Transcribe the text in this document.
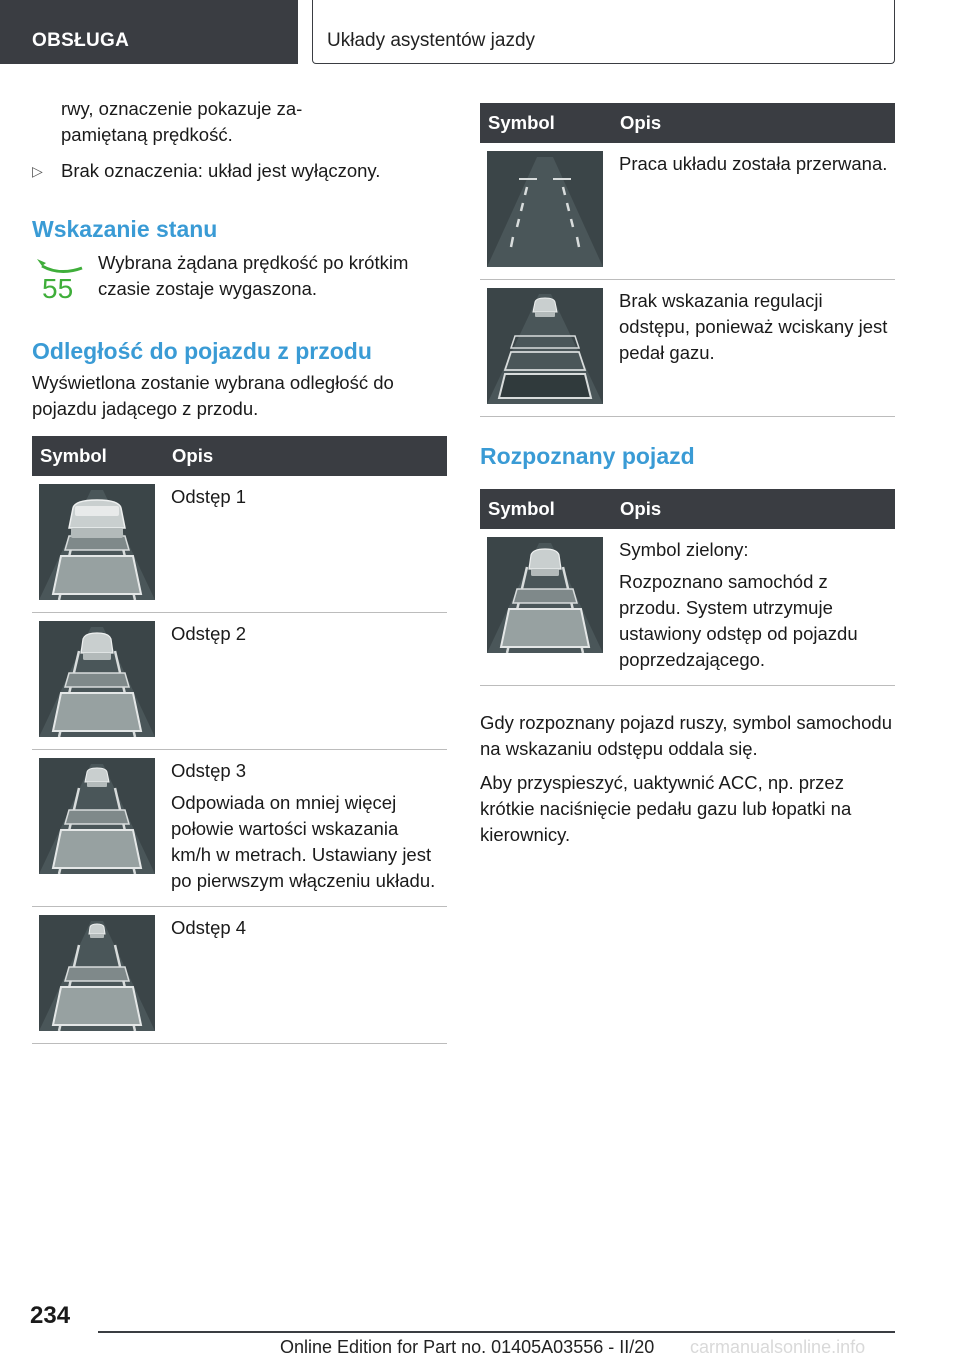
OBSŁUGA	Układy asystentów jazdy

rwy, oznaczenie pokazuje za-

pamiętaną prędkość.

▷ Brak oznaczenia: układ jest wyłączony.
Wskazanie stanu
55

Wybrana żądana prędkość po krótkim czasie zostaje wygaszona.

Odległość do pojazdu z przodu

Wyświetlona zostanie wybrana odległość do pojazdu jadącego z przodu.

Symbol	Opis

Odstęp 1

Odstęp 2

Odstęp 3

Odpowiada on mniej więcej połowie wartości wskazania km/h w metrach. Ustawiany jest po pierwszym włączeniu układu.

Odstęp 4

Symbol	Opis

Praca układu została przerwana.

Brak wskazania regulacji odstępu, ponieważ wciskany jest pedał gazu.

Rozpoznany pojazd
Symbol	Opis

Symbol zielony:

Rozpoznano samochód z przodu. System utrzymuje ustawiony odstęp od pojazdu poprzedzającego.

Gdy rozpoznany pojazd ruszy, symbol samochodu na wskazaniu odstępu oddala się.

Aby przyspieszyć, uaktywnić ACC, np. przez krótkie naciśnięcie pedału gazu lub łopatki na kierownicy.

234
Online Edition for Part no. 01405A03556 - II/20 carmanualsonline.info
